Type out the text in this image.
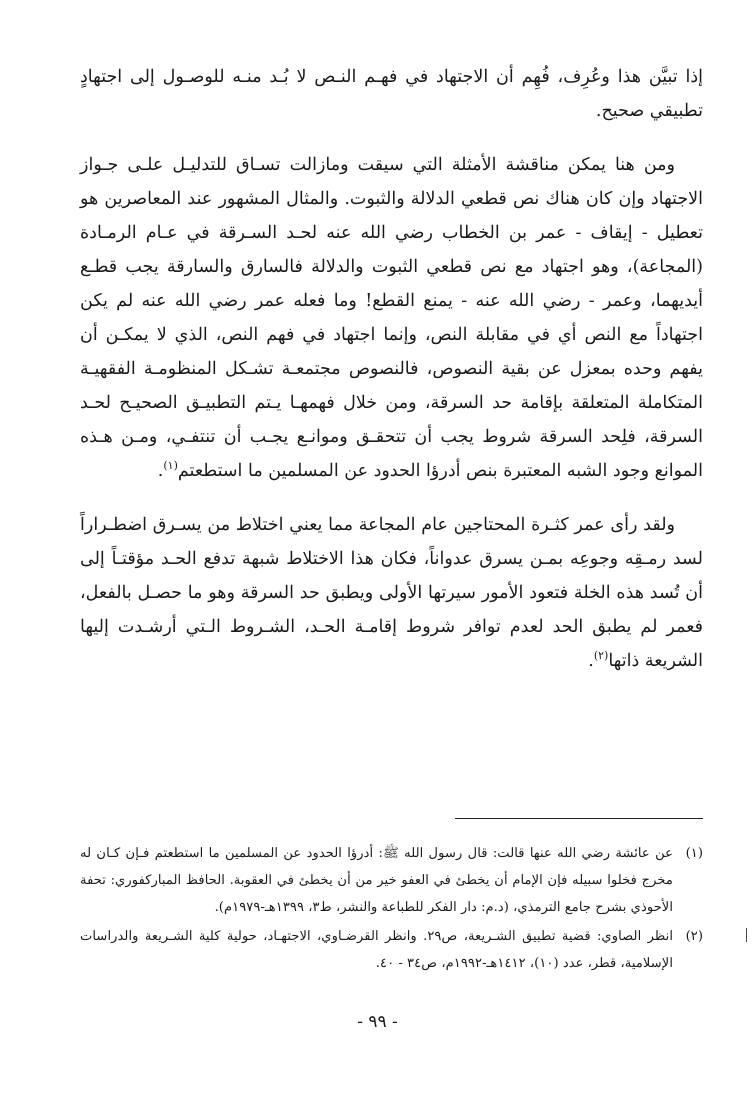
إذا تبيَّن هذا وعُرِف، فُهِم أن الاجتهاد في فهـم النـص لا بُـد منـه للوصـول إلى اجتهادٍ تطبيقي صحيح.

ومن هنا يمكن مناقشة الأمثلة التي سيقت ومازالت تسـاق للتدليـل علـى جـواز الاجتهاد وإن كان هناك نص قطعي الدلالة والثبوت. والمثال المشهور عند المعاصرين هو تعطيل - إيقاف - عمر بن الخطاب رضي الله عنه لحـد السـرقة في عـام الرمـادة (المجاعة)، وهو اجتهاد مع نص قطعي الثبوت والدلالة فالسارق والسارقة يجب قطـع أيديهما، وعمر - رضي الله عنه - يمنع القطع! وما فعله عمر رضي الله عنه لم يكن اجتهاداً مع النص أي في مقابلة النص، وإنما اجتهاد في فهم النص، الذي لا يمكـن أن يفهم وحده بمعزل عن بقية النصوص، فالنصوص مجتمعـة تشـكل المنظومـة الفقهيـة المتكاملة المتعلقة بإقامة حد السرقة، ومن خلال فهمهـا يـتم التطبيـق الصحيـح لحـد السرقة، فلِحد السرقة شروط يجب أن تتحقـق وموانـع يجـب أن تنتفـي، ومـن هـذه الموانع وجود الشبه المعتبرة بنص أدرؤا الحدود عن المسلمين ما استطعتم$^{(١)}$.

ولقد رأى عمر كثـرة المحتاجين عام المجاعة مما يعني اختلاط من يسـرق اضطـراراً لسد رمـقِه وجوعِه بمـن يسرق عدواناً، فكان هذا الاختلاط شبهة تدفع الحـد مؤقتـاً إلى أن تُسد هذه الخلة فتعود الأمور سيرتها الأولى ويطبق حد السرقة وهو ما حصـل بالفعل، فعمر لم يطبق الحد لعدم توافر شروط إقامـة الحـد، الشـروط الـتي أرشـدت إليها الشريعة ذاتها$^{(٢)}$.

(١)
عن عائشة رضي الله عنها قالت: قال رسول الله ﷺ: أدرؤا الحدود عن المسلمين ما استطعتم فـإن كـان له مخرج فخلوا سبيله فإن الإمام أن يخطئ في العفو خير من أن يخطئ في العقوبة. الحافظ المباركفوري: تحفة الأحوذي بشرح جامع الترمذي، (د.م: دار الفكر للطباعة والنشر، ط٣، ١٣٩٩هـ-١٩٧٩م).
(٢)
انظر الصاوي: قضية تطبيق الشـريعة، ص٢٩. وانظر القرضـاوي، الاجتهـاد، حولية كلية الشـريعة والدراسات الإسلامية، قطر، عدد (١٠)، ١٤١٢هـ-١٩٩٢م، ص٣٤ - ٤٠.
- ٩٩ -
